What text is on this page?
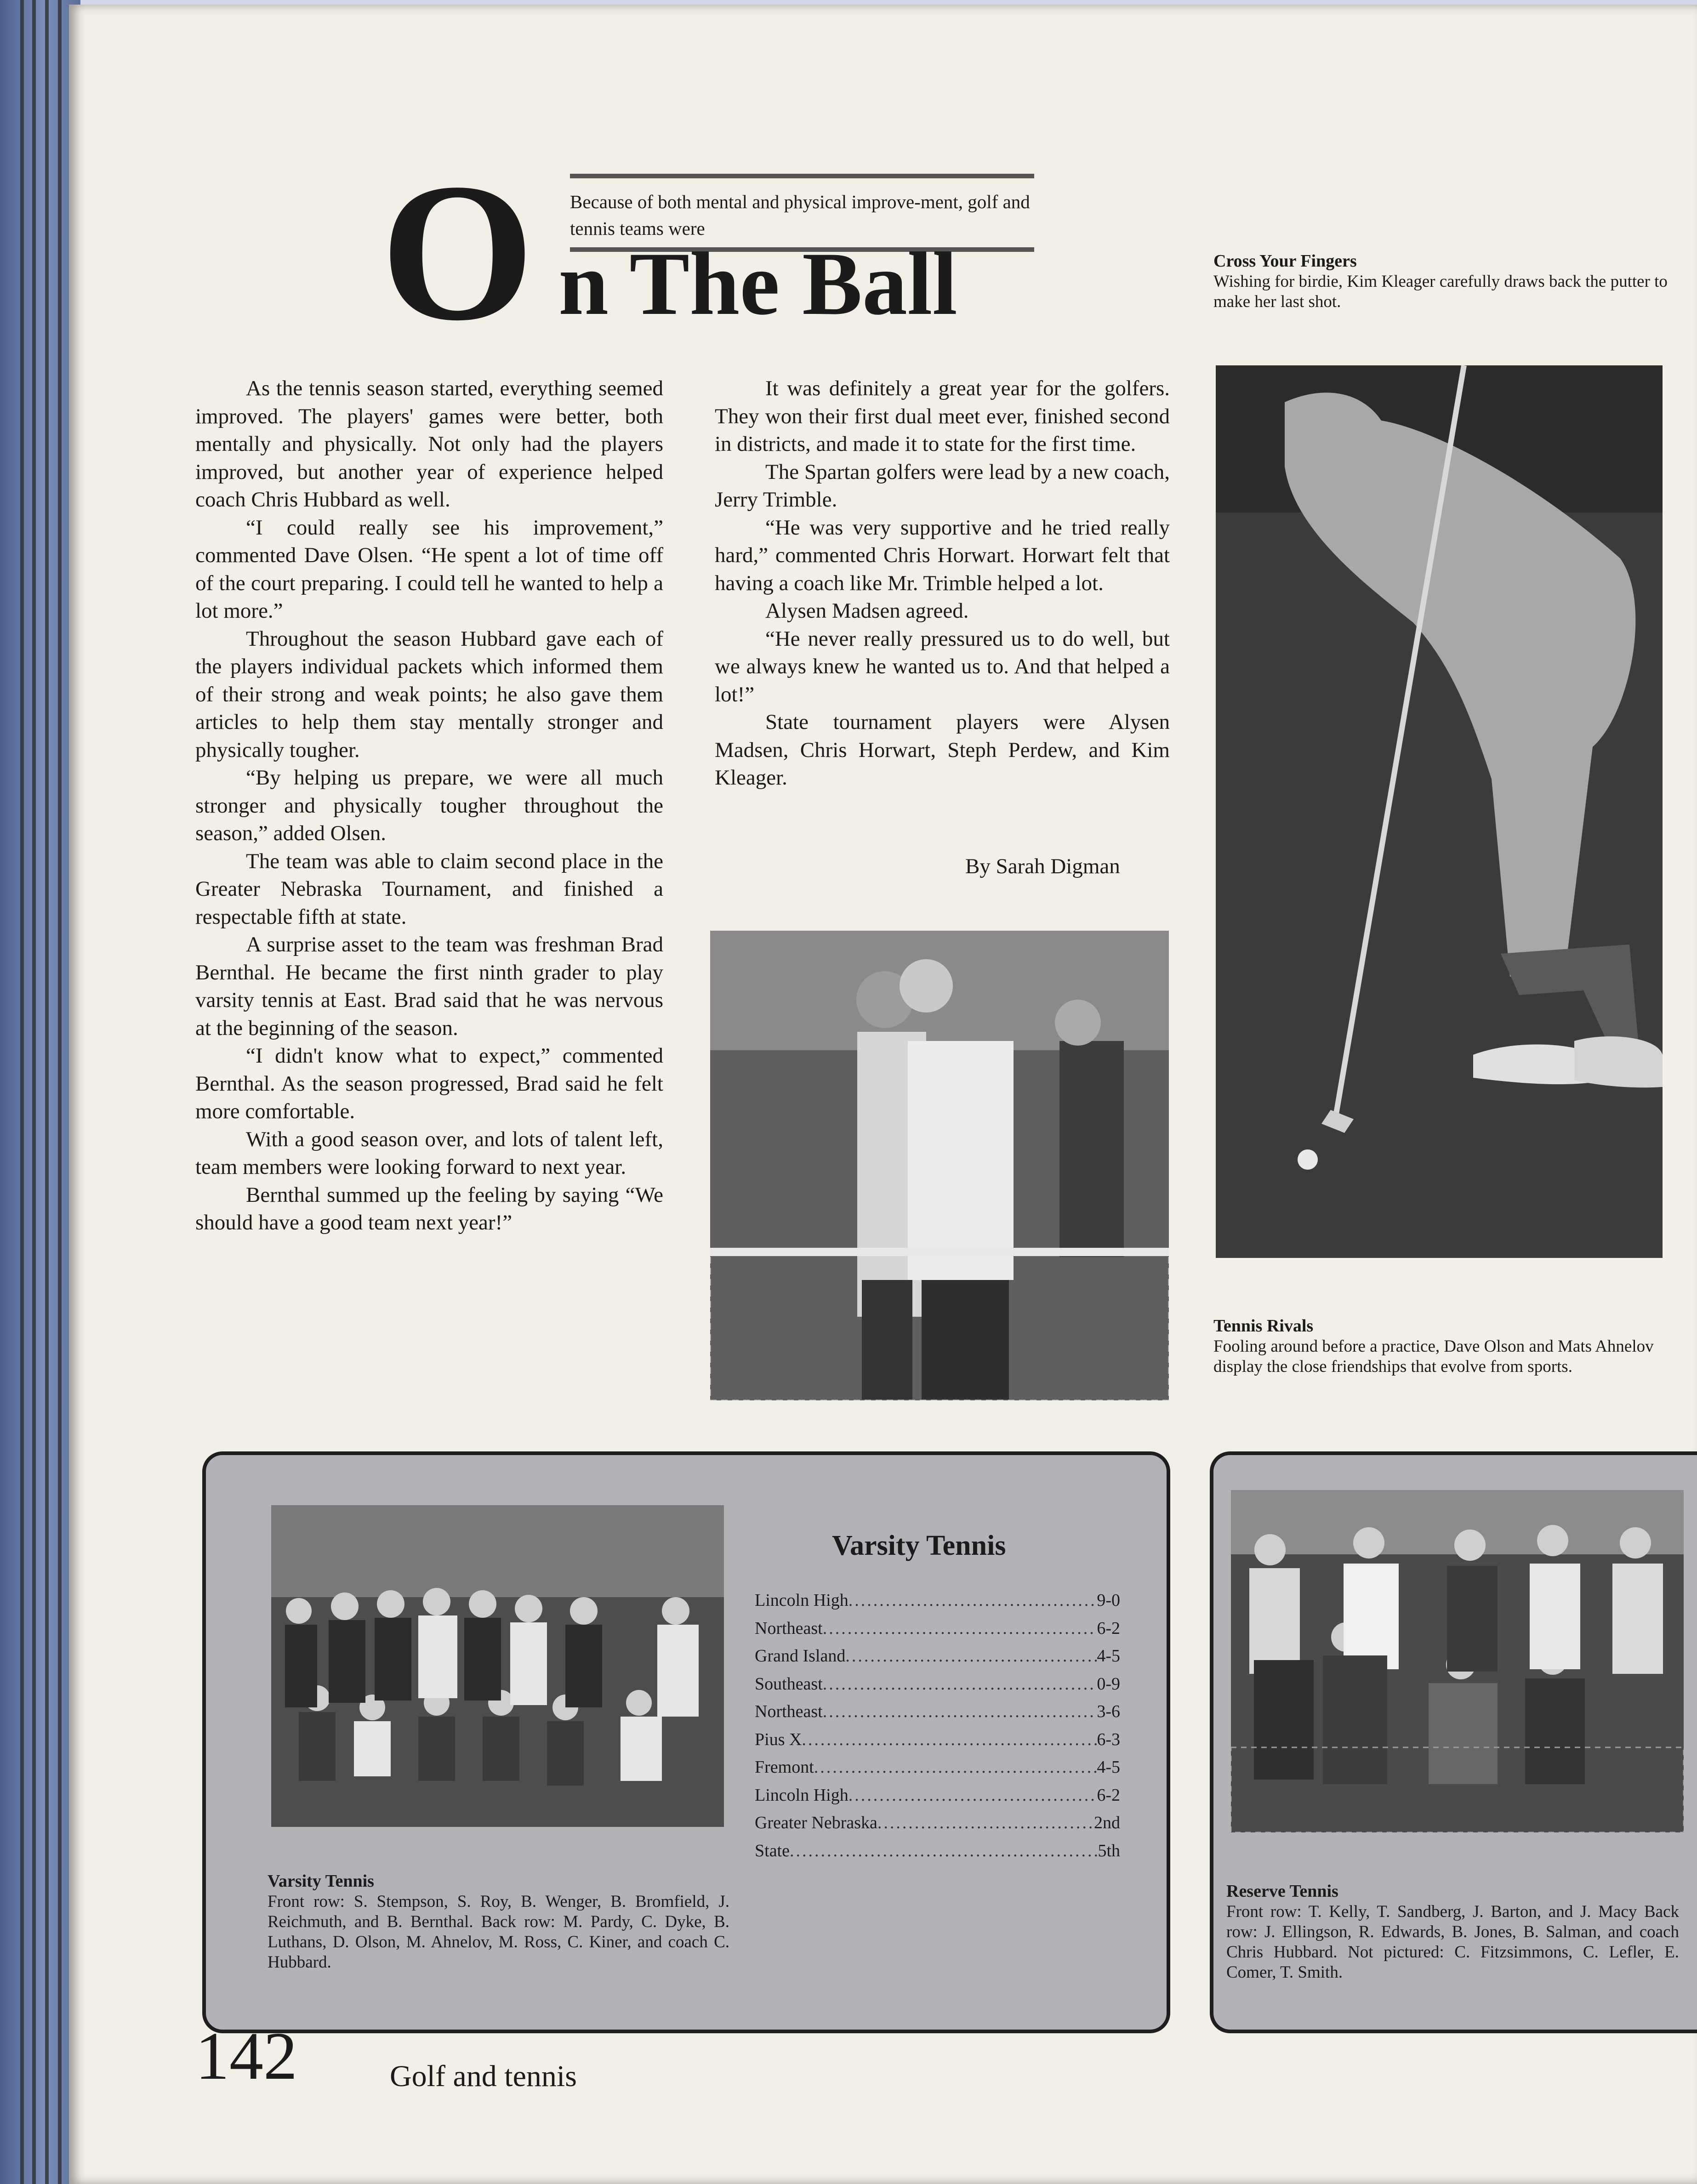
O Because of both mental and physical improve-ment, golf and tennis teams were
n The Ball

As the tennis season started, everything seemed improved. The players' games were better, both mentally and physically. Not only had the players improved, but another year of experience helped coach Chris Hubbard as well.

“I could really see his improvement,” commented Dave Olsen. “He spent a lot of time off of the court preparing. I could tell he wanted to help a lot more.”

Throughout the season Hubbard gave each of the players individual packets which informed them of their strong and weak points; he also gave them articles to help them stay mentally stronger and physically tougher.

“By helping us prepare, we were all much stronger and physically tougher throughout the season,” added Olsen.

The team was able to claim second place in the Greater Nebraska Tournament, and finished a respectable fifth at state.

A surprise asset to the team was freshman Brad Bernthal. He became the first ninth grader to play varsity tennis at East. Brad said that he was nervous at the beginning of the season.

“I didn't know what to expect,” commented Bernthal. As the season progressed, Brad said he felt more comfortable.

With a good season over, and lots of talent left, team members were looking forward to next year.

Bernthal summed up the feeling by saying “We should have a good team next year!”

It was definitely a great year for the golfers. They won their first dual meet ever, finished second in districts, and made it to state for the first time.

The Spartan golfers were lead by a new coach, Jerry Trimble.

“He was very supportive and he tried really hard,” commented Chris Horwart. Horwart felt that having a coach like Mr. Trimble helped a lot.

Alysen Madsen agreed.

“He never really pressured us to do well, but we always knew he wanted us to. And that helped a lot!”

State tournament players were Alysen Madsen, Chris Horwart, Steph Perdew, and Kim Kleager.

By Sarah Digman
Cross Your Fingers
Wishing for birdie, Kim Kleager carefully draws back the putter to make her last shot.
Tennis Rivals
Fooling around before a practice, Dave Olson and Mats Ahnelov display the close friendships that evolve from sports.
Varsity Tennis
Front row: S. Stempson, S. Roy, B. Wenger, B. Bromfield, J. Reichmuth, and B. Bernthal. Back row: M. Pardy, C. Dyke, B. Luthans, D. Olson, M. Ahnelov, M. Ross, C. Kiner, and coach C. Hubbard.
Varsity Tennis
Lincoln High .....	9-0
Northeast .....	6-2
Grand Island .....	4-5
Southeast .....	0-9
Northeast .....	3-6
Pius X .....	6-3
Fremont .....	4-5
Lincoln High .....	6-2
Greater Nebraska .....	2nd
State .....	5th
Reserve Tennis
Front row: T. Kelly, T. Sandberg, J. Barton, and J. Macy Back row: J. Ellingson, R. Edwards, B. Jones, B. Salman, and coach Chris Hubbard. Not pictured: C. Fitzsimmons, C. Lefler, E. Comer, T. Smith.
142	Golf and tennis
